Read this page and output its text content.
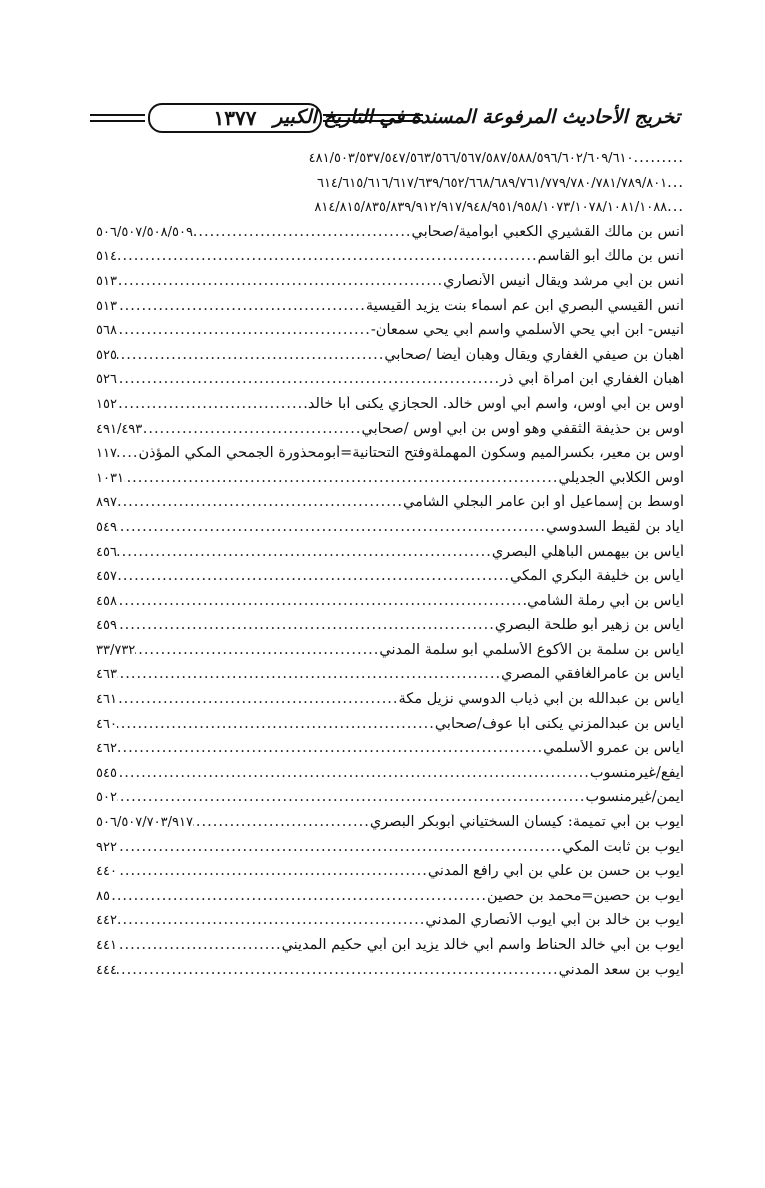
تخريج الأحاديث المرفوعة المسندة في التاريخ الكبير
١٣٧٧
.........
٤٨١/٥٠٣/٥٣٧/٥٤٧/٥٦٣/٥٦٦/٥٦٧/٥٨٧/٥٨٨/٥٩٦/٦٠٢/٦٠٩/٦١٠
...
٦١٤/٦١٥/٦١٦/٦١٧/٦٣٩/٦٥٢/٦٦٨/٦٨٩/٧٦١/٧٧٩/٧٨٠/٧٨١/٧٨٩/٨٠١
...
٨١٤/٨١٥/٨٣٥/٨٣٩/٩١٢/٩١٧/٩٤٨/٩٥١/٩٥٨/١٠٧٣/١٠٧٨/١٠٨١/١٠٨٨
أنس بن مالك القشيري الكعبي أبوأمية/صحابي
.....
٥٠٦/٥٠٧/٥٠٨/٥٠٩
أنس بن مالك أبو القاسم
.....
٥١٤
أنس بن أبي مرشد ويقال أنيس الأنصاري
.....
٥١٣
أنس القيسي البصري ابن عم أسماء بنت يزيد القيسية
.....
٥١٣
أنيس- ابن أبي يحي الأسلمي واسم أبي يحي سمعان-
.....
٥٦٨
أهبان بن صيفي الغفاري ويقال وهبان أيضا /صحابي
.....
٥٢٥
أهبان الغفاري ابن امرأة أبي ذر
.....
٥٢٦
أوس بن أبي أوس، واسم أبي أوس خالد. الحجازي يكنى أبا خالد.
.....
١٥٢
أوس بن حذيفة الثقفي وهو أوس بن أبي أوس /صحابي
.....
٤٩١/٤٩٣
أوس بن معير، بكسرالميم وسكون المهملةوفتح التحتانية=أبومحذورة الجمحي المكي المؤذن
.....
١١٧
أوس الكلابي الجديلي
.....
١٠٣١
أوسط بن إسماعيل أو ابن عامر البجلي الشامي
.....
٨٩٧
أياد بن لقيط السدوسي
.....
٥٤٩
أياس بن بيهمس الباهلي البصري
.....
٤٥٦
أياس بن خليفة البكري المكي
.....
٤٥٧
أياس بن أبي رملة الشامي.
.....
٤٥٨
أياس بن زهير أبو طلحة البصري
.....
٤٥٩
أياس بن سلمة بن الأكوع الأسلمي أبو سلمة المدني
.....
٣٣/٧٣٢
أياس بن عامرالغافقي المصري
.....
٤٦٣
أياس بن عبدالله بن أبي ذياب الدوسي نزيل مكة
.....
٤٦١
أياس بن عبدالمزني يكنى أبا عوف/صحابي
.....
٤٦٠
أياس بن عمرو الأسلمي
.....
٤٦٢
أيفع/غيرمنسوب
.....
٥٤٥
أيمن/غيرمنسوب
.....
٥٠٢
أيوب بن أبي تميمة: كيسان السختياني أبوبكر البصري
.....
٥٠٦/٥٠٧/٧٠٣/٩١٧
أيوب بن ثابت المكي
.....
٩٢٢
أيوب بن حسن بن علي بن أبي رافع المدني
.....
٤٤٠
أيوب بن حصين=محمد بن حصين
.....
٨٥
أيوب بن خالد بن أبي أيوب الأنصاري المدني
.....
٤٤٢
أيوب بن أبي خالد الحناط واسم أبي خالد يزيد ابن أبي حكيم المديني
.....
٤٤١
أيوب بن سعد المدني
.....
٤٤٤
